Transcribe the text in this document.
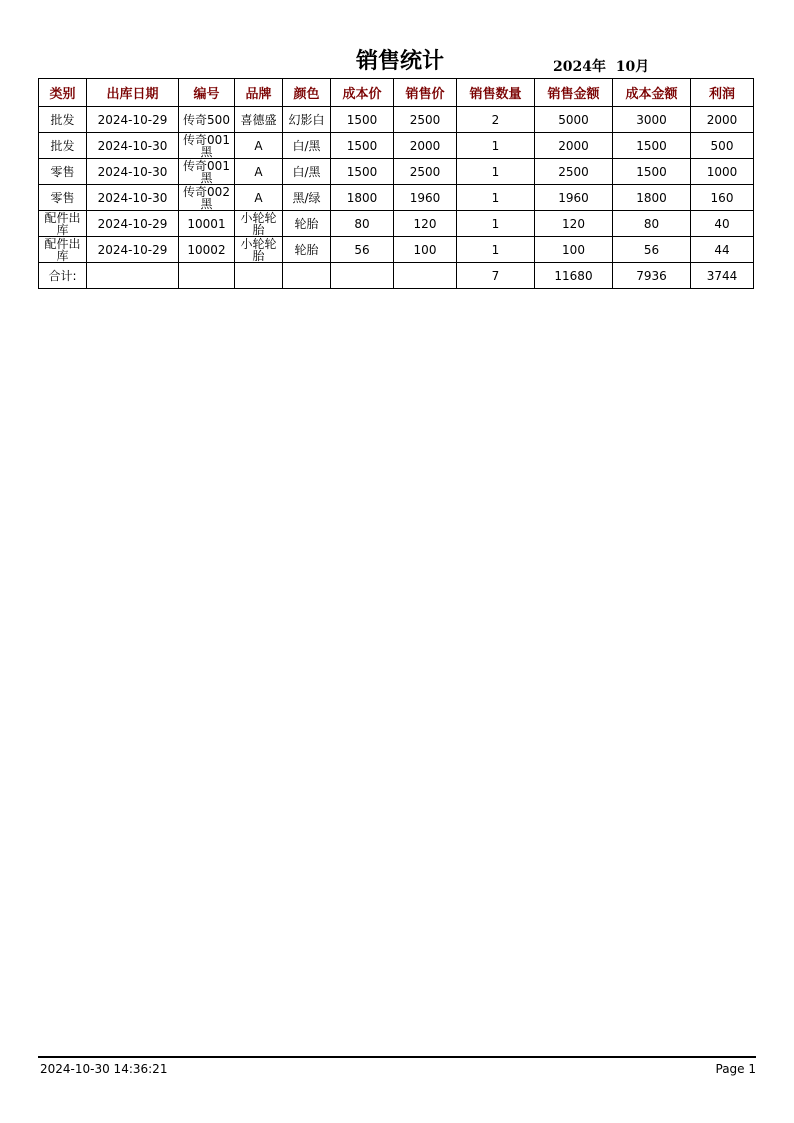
销售统计	2024年  10月
类别	出库日期	编号	品牌	颜色	成本价	销售价	销售数量	销售金额	成本金额	利润
批发	2024-10-29	传奇500	喜德盛	幻影白	1500	2500	2	5000	3000	2000
批发	2024-10-30	传奇001黑	A	白/黑	1500	2000	1	2000	1500	500
零售	2024-10-30	传奇001黑	A	白/黑	1500	2500	1	2500	1500	1000
零售	2024-10-30	传奇002黑	A	黑/绿	1800	1960	1	1960	1800	160
配件出库	2024-10-29	10001	小轮轮胎	轮胎	80	120	1	120	80	40
配件出库	2024-10-29	10002	小轮轮胎	轮胎	56	100	1	100	56	44
合计:							7	11680	7936	3744
2024-10-30 14:36:21	Page 1
